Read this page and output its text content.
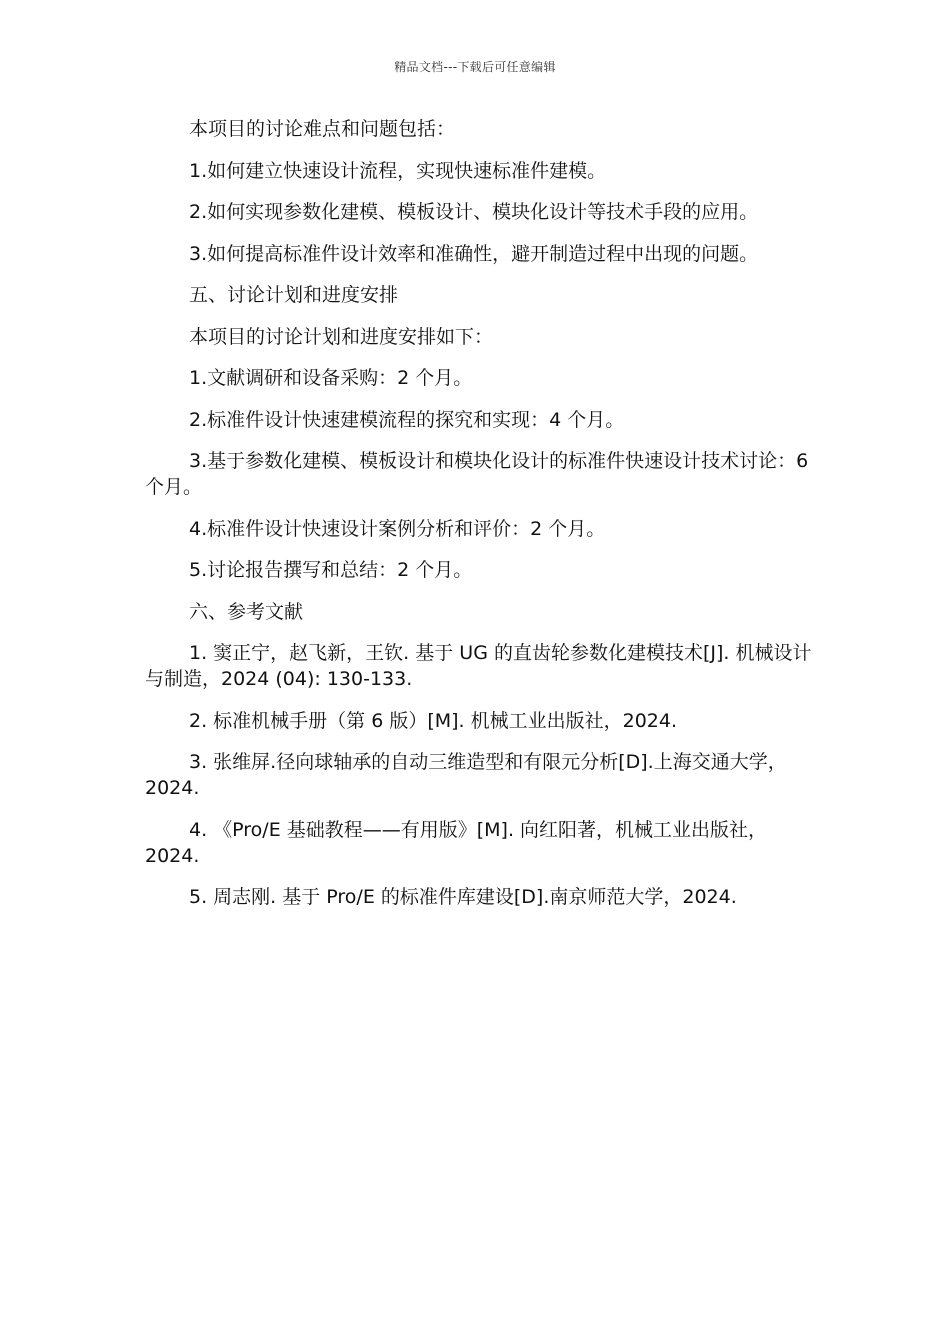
精品文档---下载后可任意编辑

本项目的讨论难点和问题包括：

1.如何建立快速设计流程，实现快速标准件建模。

2.如何实现参数化建模、模板设计、模块化设计等技术手段的应用。

3.如何提高标准件设计效率和准确性，避开制造过程中出现的问题。

五、讨论计划和进度安排

本项目的讨论计划和进度安排如下：

1.文献调研和设备采购：2 个月。

2.标准件设计快速建模流程的探究和实现：4 个月。

3.基于参数化建模、模板设计和模块化设计的标准件快速设计技术讨论：6 个月。

4.标准件设计快速设计案例分析和评价：2 个月。

5.讨论报告撰写和总结：2 个月。

六、参考文献

1. 窦正宁，赵飞新，王钦. 基于 UG 的直齿轮参数化建模技术[J]. 机械设计与制造，2024 (04): 130-133.

2. 标准机械手册（第 6 版）[M]. 机械工业出版社，2024.

3. 张维屏.径向球轴承的自动三维造型和有限元分析[D].上海交通大学，2024.

4. 《Pro/E 基础教程——有用版》[M]. 向红阳著，机械工业出版社，2024.

5. 周志刚. 基于 Pro/E 的标准件库建设[D].南京师范大学，2024.
